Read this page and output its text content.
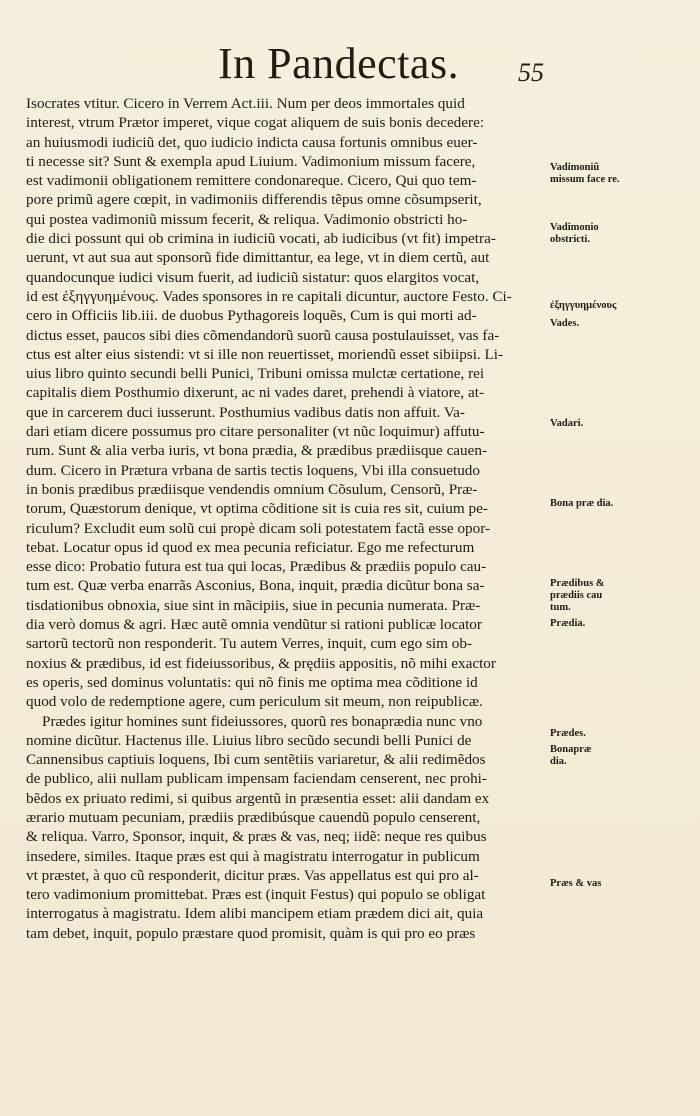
In Pandectas. 55
Isocrates vtitur. Cicero in Verrem Act.iii. Num per deos immortales quid
interest, vtrum Prætor imperet, vique cogat aliquem de suis bonis decedere:
an huiusmodi iudiciũ det, quo iudicio indicta causa fortunis omnibus euer-
ti necesse sit? Sunt & exempla apud Liuium. Vadimonium missum facere,
est vadimonii obligationem remittere condonareque. Cicero, Qui quo tem-
pore primũ agere cœpit, in vadimoniis differendis tẽpus omne cõsumpserit,
qui postea vadimoniũ missum fecerit, & reliqua. Vadimonio obstricti ho-
die dici possunt qui ob crimina in iudiciũ vocati, ab iudicibus (vt fit) impetra-
uerunt, vt aut sua aut sponsorũ fide dimittantur, ea lege, vt in diem certũ, aut
quandocunque iudici visum fuerit, ad iudiciũ sistatur: quos elargitos vocat,
id est ἐξηγγυημένους. Vades sponsores in re capitali dicuntur, auctore Festo. Ci-
cero in Officiis lib.iii. de duobus Pythagoreis loquẽs, Cum is qui morti ad-
dictus esset, paucos sibi dies cõmendandorũ suorũ causa postulauisset, vas fa-
ctus est alter eius sistendi: vt si ille non reuertisset, moriendũ esset sibiipsi. Li-
uius libro quinto secundi belli Punici, Tribuni omissa mulctæ certatione, rei
capitalis diem Posthumio dixerunt, ac ni vades daret, prehendi à viatore, at-
que in carcerem duci iusserunt. Posthumius vadibus datis non affuit. Va-
dari etiam dicere possumus pro citare personaliter (vt nũc loquimur) affutu-
rum. Sunt & alia verba iuris, vt bona prædia, & prædibus prædiisque cauen-
dum. Cicero in Prætura vrbana de sartis tectis loquens, Vbi illa consuetudo
in bonis prædibus prædiisque vendendis omnium Cõsulum, Censorũ, Præ-
torum, Quæstorum denique, vt optima cõditione sit is cuia res sit, cuium pe-
riculum? Excludit eum solũ cui propè dicam soli potestatem factã esse opor-
tebat. Locatur opus id quod ex mea pecunia reficiatur. Ego me refecturum
esse dico: Probatio futura est tua qui locas, Prædibus & prædiis populo cau-
tum est. Quæ verba enarrãs Asconius, Bona, inquit, prædia dicũtur bona sa-
tisdationibus obnoxia, siue sint in mãcipiis, siue in pecunia numerata. Præ-
dia verò domus & agri. Hæc autẽ omnia vendũtur si rationi publicæ locator
sartorũ tectorũ non responderit. Tu autem Verres, inquit, cum ego sim ob-
noxius & prædibus, id est fideiussoribus, & prędiis appositis, nõ mihi exactor
es operis, sed dominus voluntatis: qui nõ finis me optima mea cõditione id
quod volo de redemptione agere, cum periculum sit meum, non reipublicæ.
Prædes igitur homines sunt fideiussores, quorũ res bonaprædia nunc vno
nomine dicũtur. Hactenus ille. Liuius libro secũdo secundi belli Punici de
Cannensibus captiuis loquens, Ibi cum sentẽtiis variaretur, & alii redimẽdos
de publico, alii nullam publicam impensam faciendam censerent, nec prohi-
bẽdos ex priuato redimi, si quibus argentũ in præsentia esset: alii dandam ex
ærario mutuam pecuniam, prædiis prædibúsque cauendũ populo censerent,
& reliqua. Varro, Sponsor, inquit, & præs & vas, neq; iidẽ: neque res quibus
insedere, similes. Itaque præs est qui à magistratu interrogatur in publicum
vt præstet, à quo cũ responderit, dicitur præs. Vas appellatus est qui pro al-
tero vadimonium promittebat. Præs est (inquit Festus) qui populo se obligat
interrogatus à magistratu. Idem alibi mancipem etiam prædem dici ait, quia
tam debet, inquit, populo præstare quod promisit, quàm is qui pro eo præs
Vadimoniũ missum face re.
Vadimonio obstricti.
ἐξηγγυημένους
Vades.
Vadari.
Bona præ dia.
Prædibus & prædiis cau tum.
Prædia.
Prædes.
Bonapræ dia.
Præs & vas
